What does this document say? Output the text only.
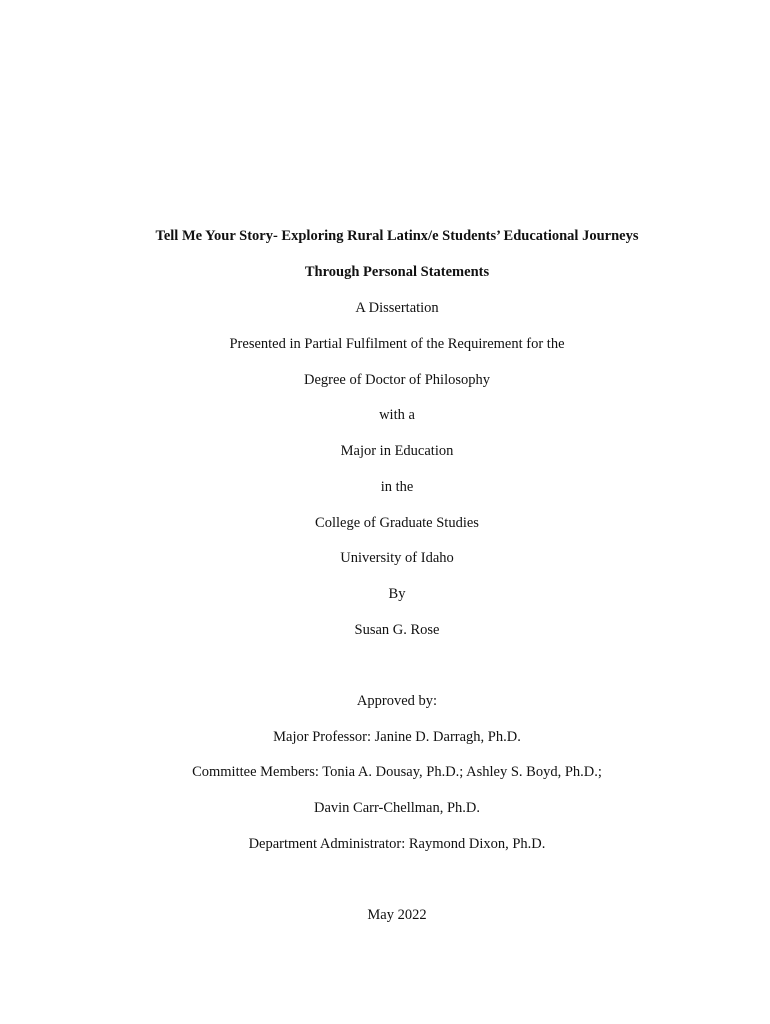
Tell Me Your Story- Exploring Rural Latinx/e Students’ Educational Journeys
Through Personal Statements
A Dissertation
Presented in Partial Fulfilment of the Requirement for the
Degree of Doctor of Philosophy
with a
Major in Education
in the
College of Graduate Studies
University of Idaho
By
Susan G. Rose
Approved by:
Major Professor: Janine D. Darragh, Ph.D.
Committee Members: Tonia A. Dousay, Ph.D.; Ashley S. Boyd, Ph.D.;
Davin Carr-Chellman, Ph.D.
Department Administrator: Raymond Dixon, Ph.D.
May 2022
